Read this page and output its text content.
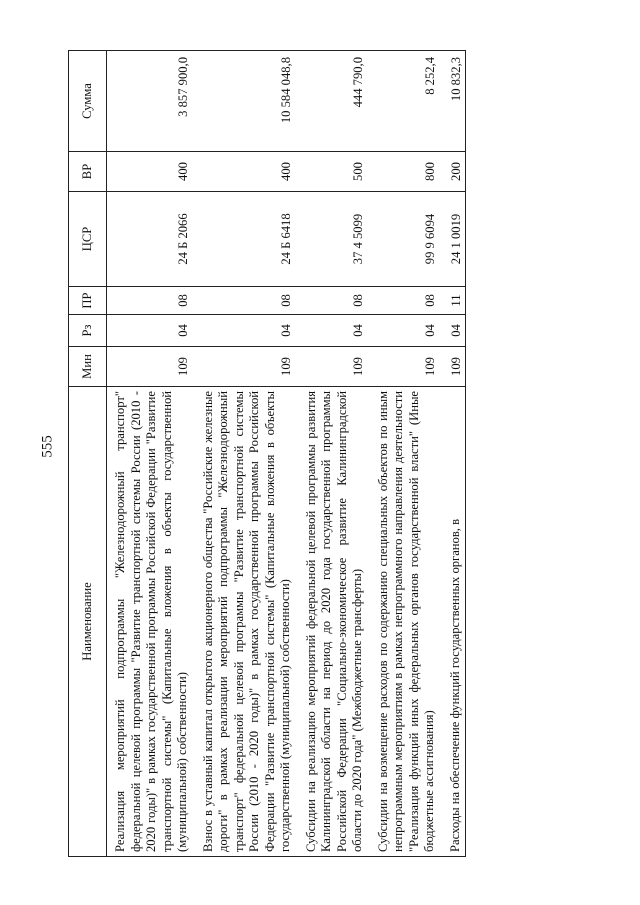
555
Наименование	Мин	Рз	ПР	ЦСР	ВР	Сумма
Реализация мероприятий подпрограммы "Железнодорожный транспорт" федеральной целевой программы "Развитие транспортной системы России (2010 - 2020 годы)" в рамках государственной программы Российской Федерации "Развитие транспортной системы" (Капитальные вложения в объекты государственной (муниципальной) собственности)	109	04	08	24 Б 2066	400	3 857 900,0
Взнос в уставный капитал открытого акционерного общества "Российские железные дороги" в рамках реализации мероприятий подпрограммы "Железнодорожный транспорт" федеральной целевой программы "Развитие транспортной системы России (2010 - 2020 годы)" в рамках государственной программы Российской Федерации "Развитие транспортной системы" (Капитальные вложения в объекты государственной (муниципальной) собственности)	109	04	08	24 Б 6418	400	10 584 048,8
Субсидии на реализацию мероприятий федеральной целевой программы развития Калининградской области на период до 2020 года государственной программы Российской Федерации "Социально-экономическое развитие Калининградской области до 2020 года" (Межбюджетные трансферты)	109	04	08	37 4 5099	500	444 790,0
Субсидии на возмещение расходов по содержанию специальных объектов по иным непрограммным мероприятиям в рамках непрограммного направления деятельности "Реализация функций иных федеральных органов государственной власти" (Иные бюджетные ассигнования)	109	04	08	99 9 6094	800	8 252,4
Расходы на обеспечение функций государственных органов, в	109	04	11	24 1 0019	200	10 832,3
